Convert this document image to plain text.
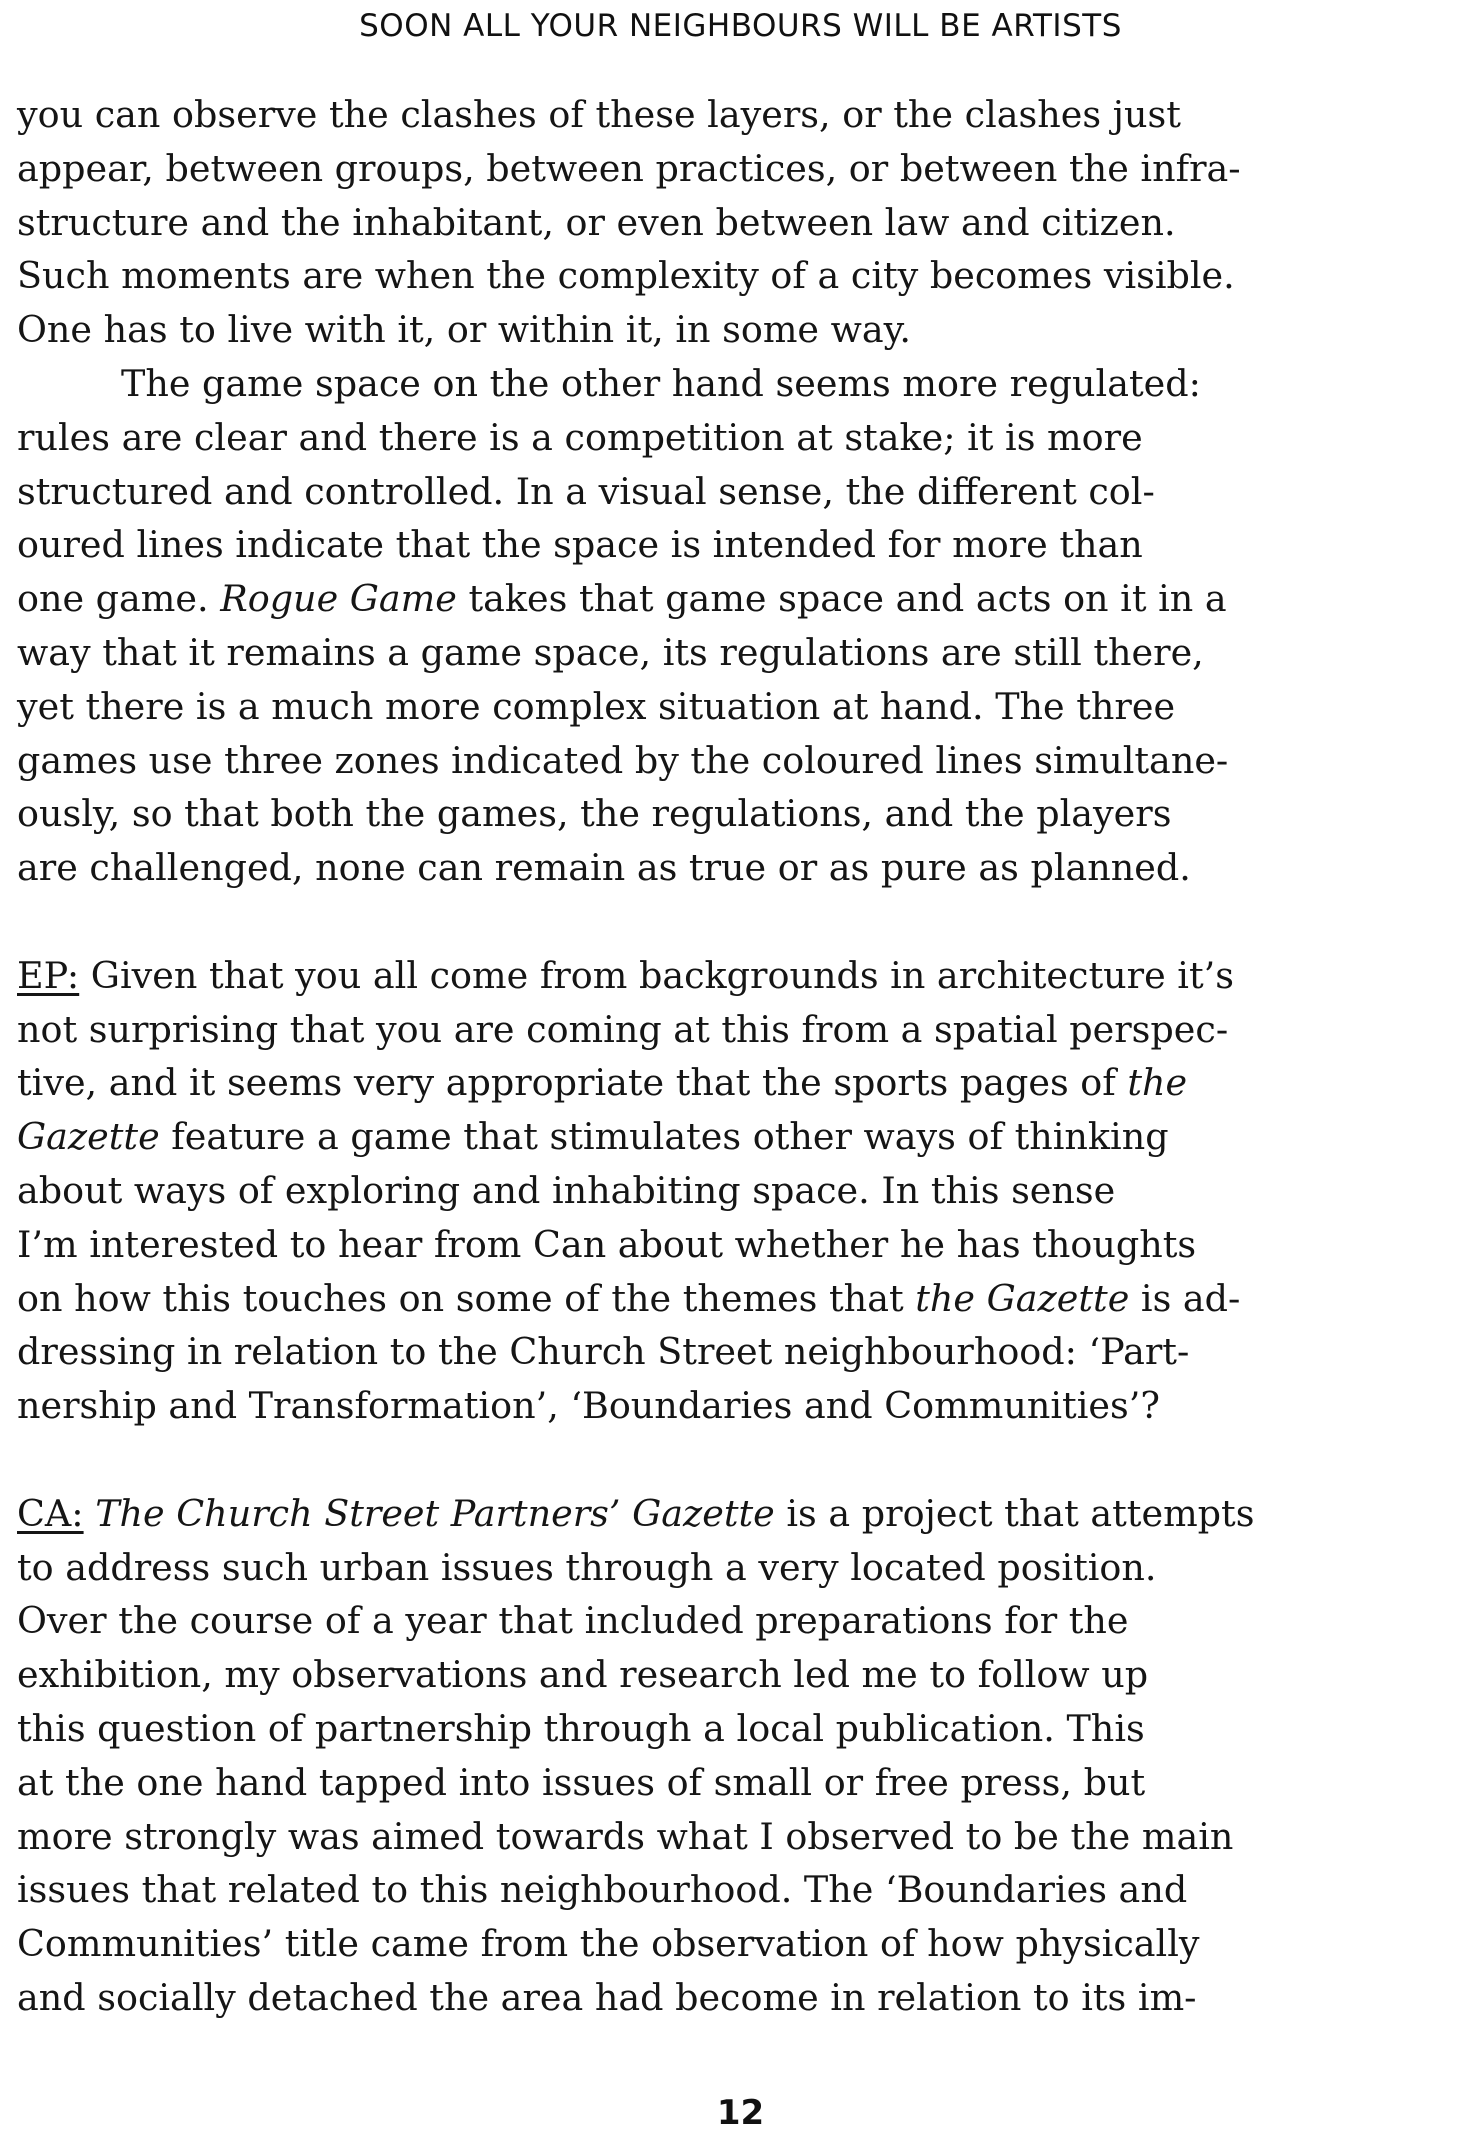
SOON ALL YOUR NEIGHBOURS WILL BE ARTISTS
you can observe the clashes of these layers, or the clashes just
appear, between groups, between practices, or between the infra-
structure and the inhabitant, or even between law and citizen.
Such moments are when the complexity of a city becomes visible.
One has to live with it, or within it, in some way.
The game space on the other hand seems more regulated:
rules are clear and there is a competition at stake; it is more
structured and controlled. In a visual sense, the different col-
oured lines indicate that the space is intended for more than
one game. Rogue Game takes that game space and acts on it in a
way that it remains a game space, its regulations are still there,
yet there is a much more complex situation at hand. The three
games use three zones indicated by the coloured lines simultane-
ously, so that both the games, the regulations, and the players
are challenged, none can remain as true or as pure as planned.
EP: Given that you all come from backgrounds in architecture it’s
not surprising that you are coming at this from a spatial perspec-
tive, and it seems very appropriate that the sports pages of the
Gazette feature a game that stimulates other ways of thinking
about ways of exploring and inhabiting space. In this sense
I’m interested to hear from Can about whether he has thoughts
on how this touches on some of the themes that the Gazette is ad-
dressing in relation to the Church Street neighbourhood: ‘Part-
nership and Transformation’, ‘Boundaries and Communities’?
CA: The Church Street Partners’ Gazette is a project that attempts
to address such urban issues through a very located position.
Over the course of a year that included preparations for the
exhibition, my observations and research led me to follow up
this question of partnership through a local publication. This
at the one hand tapped into issues of small or free press, but
more strongly was aimed towards what I observed to be the main
issues that related to this neighbourhood. The ‘Boundaries and
Communities’ title came from the observation of how physically
and socially detached the area had become in relation to its im-
12
